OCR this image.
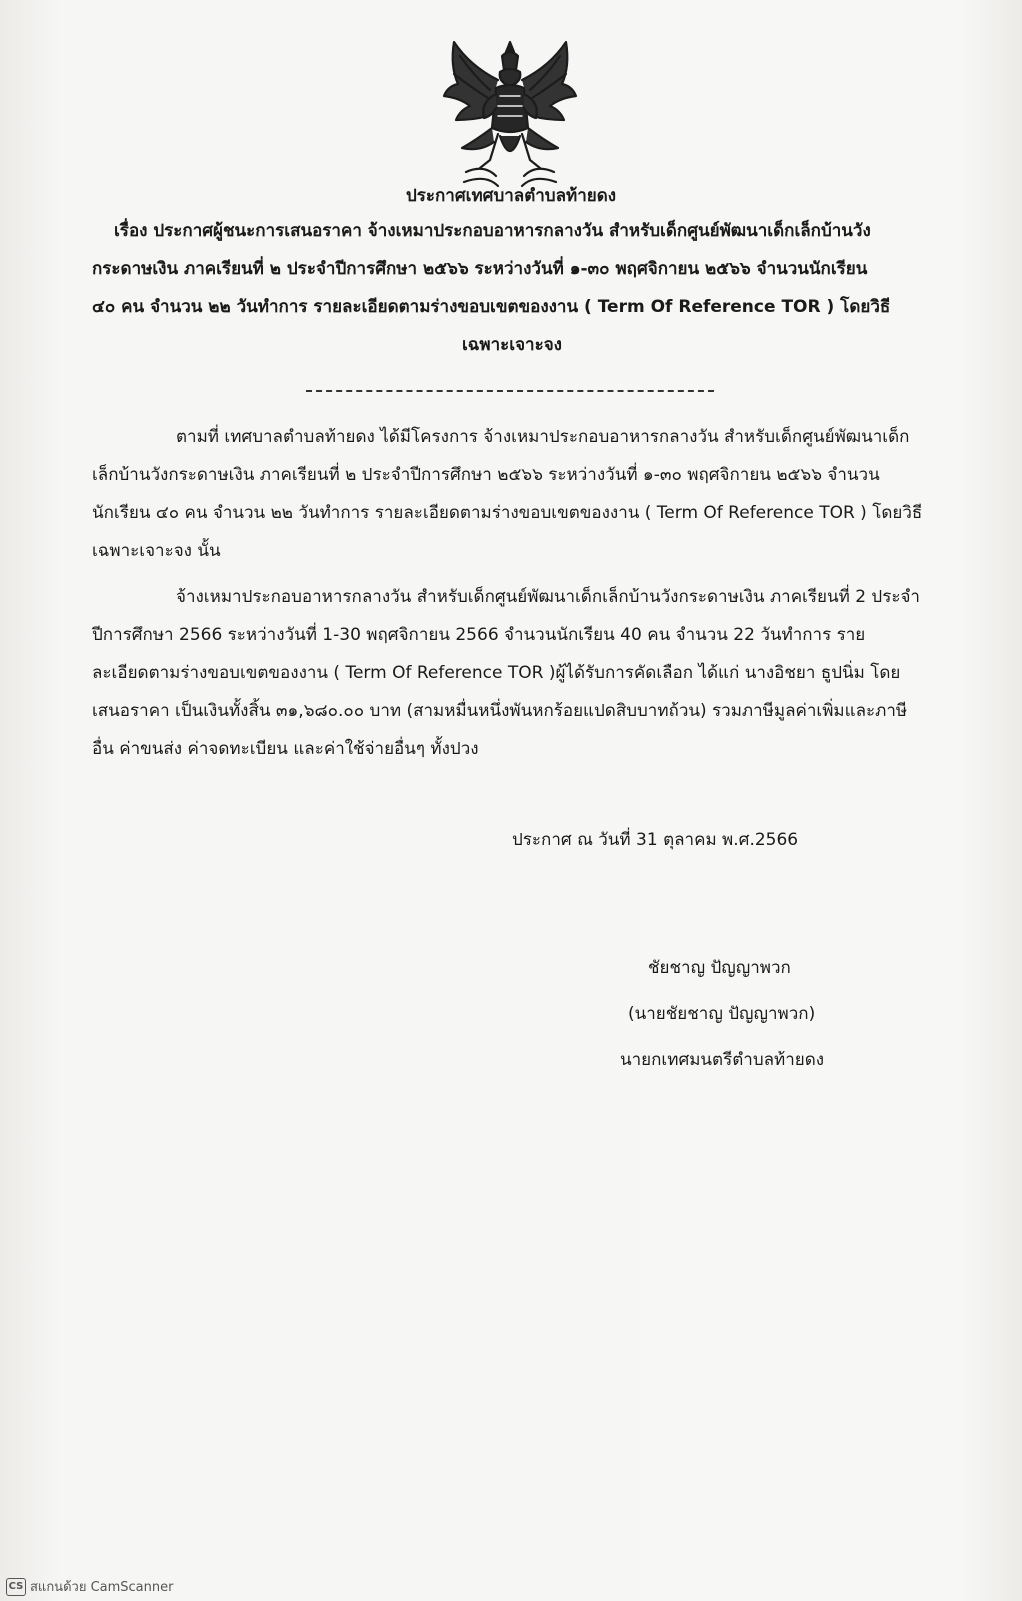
ประกาศเทศบาลตำบลท้ายดง
เรื่อง ประกาศผู้ชนะการเสนอราคา จ้างเหมาประกอบอาหารกลางวัน สำหรับเด็กศูนย์พัฒนาเด็กเล็กบ้านวัง
กระดาษเงิน ภาคเรียนที่ ๒ ประจำปีการศึกษา ๒๕๖๖ ระหว่างวันที่ ๑-๓๐ พฤศจิกายน ๒๕๖๖ จำนวนนักเรียน
๔๐ คน จำนวน ๒๒ วันทำการ รายละเอียดตามร่างขอบเขตของงาน ( Term Of Reference TOR ) โดยวิธี
เฉพาะเจาะจง
ตามที่ เทศบาลตำบลท้ายดง ได้มีโครงการ จ้างเหมาประกอบอาหารกลางวัน สำหรับเด็กศูนย์พัฒนาเด็ก
เล็กบ้านวังกระดาษเงิน ภาคเรียนที่ ๒ ประจำปีการศึกษา ๒๕๖๖ ระหว่างวันที่ ๑-๓๐ พฤศจิกายน ๒๕๖๖ จำนวน
นักเรียน ๔๐ คน จำนวน ๒๒ วันทำการ รายละเอียดตามร่างขอบเขตของงาน ( Term Of Reference TOR ) โดยวิธี
เฉพาะเจาะจง นั้น
จ้างเหมาประกอบอาหารกลางวัน สำหรับเด็กศูนย์พัฒนาเด็กเล็กบ้านวังกระดาษเงิน ภาคเรียนที่ 2 ประจำ
ปีการศึกษา 2566 ระหว่างวันที่ 1-30 พฤศจิกายน 2566 จำนวนนักเรียน 40 คน จำนวน 22 วันทำการ ราย
ละเอียดตามร่างขอบเขตของงาน ( Term Of Reference TOR )ผู้ได้รับการคัดเลือก ได้แก่ นางอิชยา ธูปนิ่ม โดย
เสนอราคา เป็นเงินทั้งสิ้น ๓๑,๖๘๐.๐๐ บาท (สามหมื่นหนึ่งพันหกร้อยแปดสิบบาทถ้วน) รวมภาษีมูลค่าเพิ่มและภาษี
อื่น ค่าขนส่ง ค่าจดทะเบียน และค่าใช้จ่ายอื่นๆ ทั้งปวง
ประกาศ ณ วันที่ 31 ตุลาคม พ.ศ.2566
ชัยชาญ ปัญญาพวก
(นายชัยชาญ ปัญญาพวก)
นายกเทศมนตรีตำบลท้ายดง
CS สแกนด้วย CamScanner
